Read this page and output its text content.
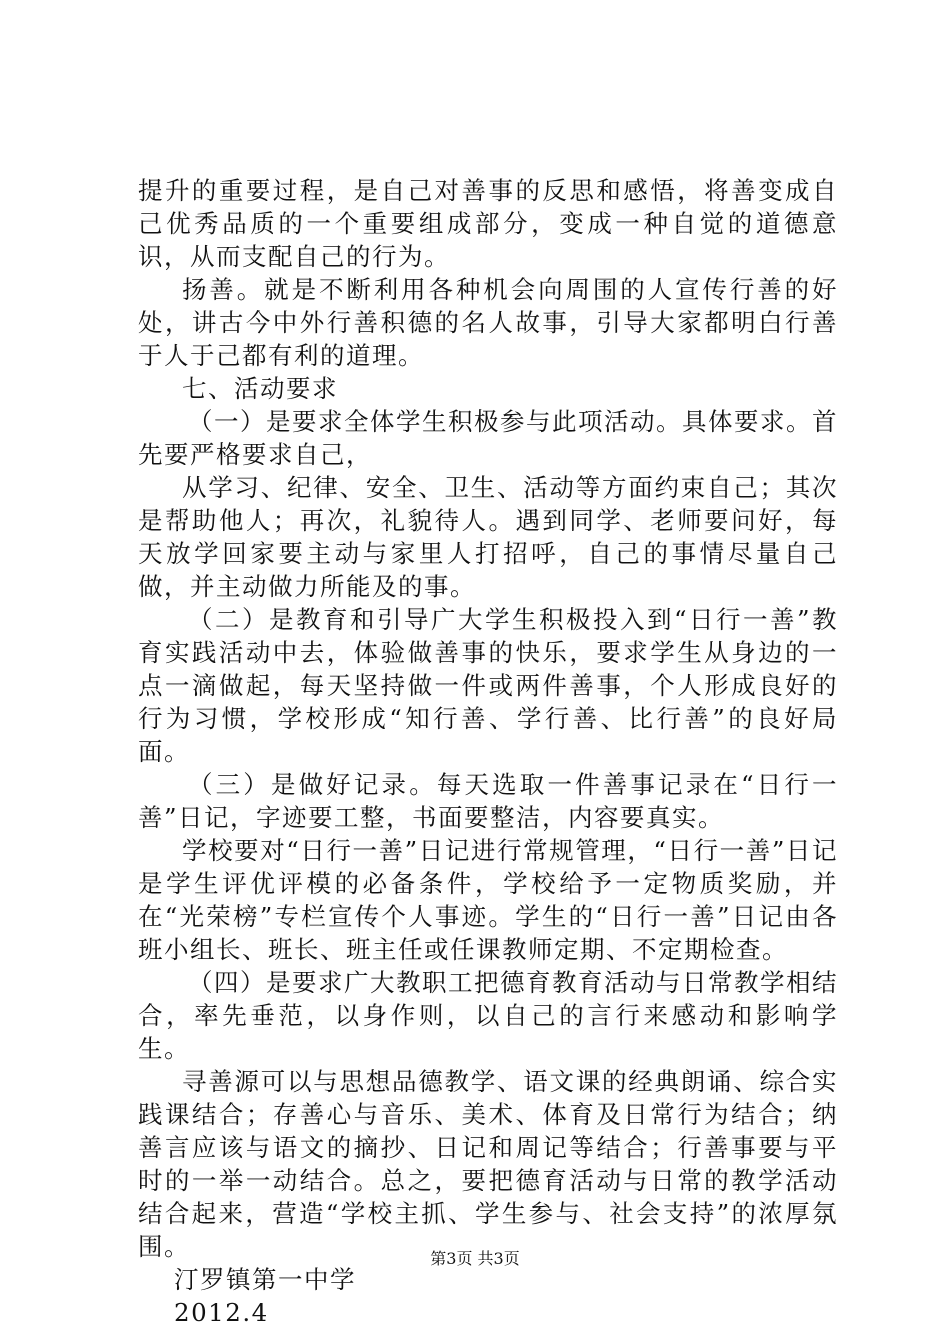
提升的重要过程，是自己对善事的反思和感悟，将善变成自己优秀品质的一个重要组成部分，变成一种自觉的道德意识，从而支配自己的行为。

扬善。就是不断利用各种机会向周围的人宣传行善的好处，讲古今中外行善积德的名人故事，引导大家都明白行善于人于己都有利的道理。

七、活动要求

（一）是要求全体学生积极参与此项活动。具体要求。首先要严格要求自己，

从学习、纪律、安全、卫生、活动等方面约束自己；其次是帮助他人；再次，礼貌待人。遇到同学、老师要问好，每天放学回家要主动与家里人打招呼，自己的事情尽量自己做，并主动做力所能及的事。

（二）是教育和引导广大学生积极投入到“日行一善”教育实践活动中去，体验做善事的快乐，要求学生从身边的一点一滴做起，每天坚持做一件或两件善事，个人形成良好的行为习惯，学校形成“知行善、学行善、比行善”的良好局面。

（三）是做好记录。每天选取一件善事记录在“日行一善”日记，字迹要工整，书面要整洁，内容要真实。

学校要对“日行一善”日记进行常规管理，“日行一善”日记是学生评优评模的必备条件，学校给予一定物质奖励，并在“光荣榜”专栏宣传个人事迹。学生的“日行一善”日记由各班小组长、班长、班主任或任课教师定期、不定期检查。

（四）是要求广大教职工把德育教育活动与日常教学相结合，率先垂范，以身作则，以自己的言行来感动和影响学生。

寻善源可以与思想品德教学、语文课的经典朗诵、综合实践课结合；存善心与音乐、美术、体育及日常行为结合；纳善言应该与语文的摘抄、日记和周记等结合；行善事要与平时的一举一动结合。总之，要把德育活动与日常的教学活动结合起来，营造“学校主抓、学生参与、社会支持”的浓厚氛围。

汀罗镇第一中学

2012.4

第3页 共3页
